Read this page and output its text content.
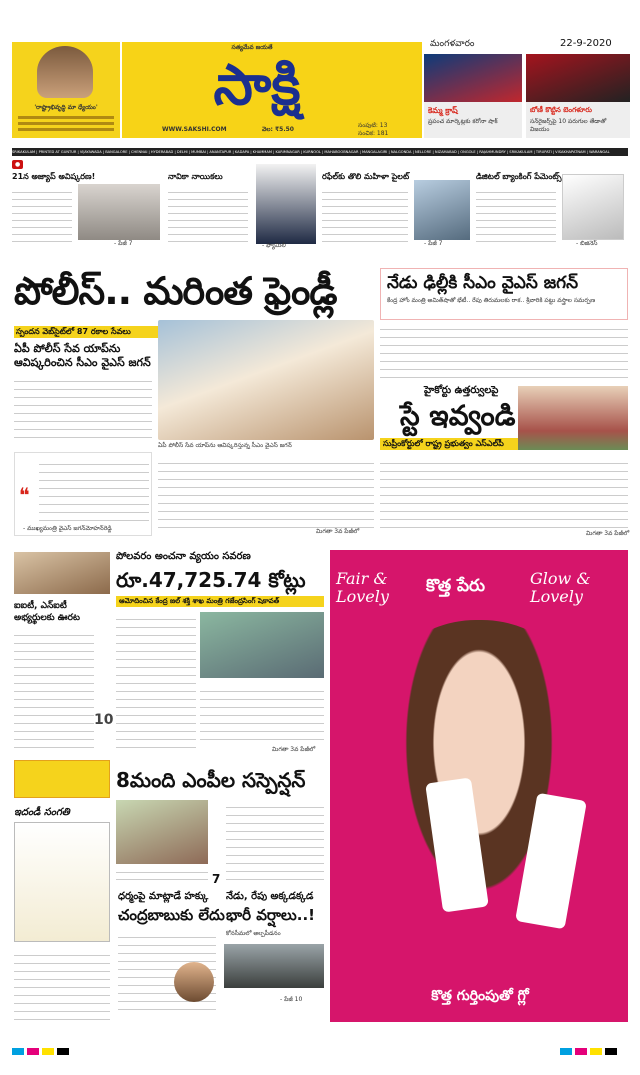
'రాష్ట్రాభివృద్ధి మా ధ్యేయం'
సత్యమేవ జయతే
సాక్షి
WWW.SAKSHI.COM	వెల: ₹5.50
సంపుటి: 13
సంచిక: 181
మంగళవారం	22-9-2020
కెమ్మ క్రాష్
ప్రపంచ మార్కెట్లకు కరోనా షాక్
బోణీ కొట్టిన బెంగళూరు
సన్‌రైజర్స్‌పై 10 పరుగుల తేడాతో విజయం
SRIKAKULAM | PRINTED AT GUNTUR | VIJAYAWADA | BANGALORE | CHENNAI | HYDERABAD | DELHI | MUMBAI | ANANTAPUR | KADAPA | KHAMMAM | KARIMNAGAR | KURNOOL | MAHABOOBNAGAR | MANGALAGIRI | NALGONDA | NELLORE | NIZAMABAD | ONGOLE | RAJAHMUNDRY | SRIKAKULAM | TIRUPATI | VISAKHAPATNAM | WARANGAL
●
21న అజ్యాప్ అవిష్కరణ!
- పేజీ 7
నావికా నాయికలు
- ఫ్యామిలీ
రఫేల్‌కు తొలి మహిళా పైలట్
- పేజీ 7
డిజిటల్ బ్యాంకింగ్ పేమెంట్స్
- బిజినెస్
పోలీస్.. మరింత ఫ్రెండ్లీ
స్పందన వెబ్‌సైట్‌లో 87 రకాల సేవలు
ఏపీ పోలీస్ సేవ యాప్‌ను
ఆవిష్కరించిన సీఎం వైఎస్ జగన్
❝
- ముఖ్యమంత్రి వైఎస్ జగన్‌మోహన్‌రెడ్డి
ఏపీ పోలీస్ సేవ యాప్‌ను ఆవిష్కరిస్తున్న సీఎం వైఎస్ జగన్
మిగతా 3వ పేజీలో
నేడు ఢిల్లీకి సీఎం వైఎస్ జగన్
కేంద్ర హోం మంత్రి అమిత్‌షాతో భేటీ.. రేపు తిరుమలకు రాక.. శ్రీవారికి పట్టు వస్త్రాల సమర్పణ
హైకోర్టు ఉత్తర్వులపై
స్టే ఇవ్వండి
సుప్రీంకోర్టులో రాష్ట్ర ప్రభుత్వం ఎస్‌ఎల్‌పీ
మిగతా 3వ పేజీలో
ఐఐటీ, ఎన్‌ఐటీ అభ్యర్థులకు ఊరట
10
ఇదండీ సంగతి
పోలవరం అంచనా వ్యయం సవరణ
రూ.47,725.74 కోట్లు
ఆమోదించిన కేంద్ర జల్ శక్తి శాఖ మంత్రి గజేంద్రసింగ్ షెకావత్
మిగతా 3వ పేజీలో
8మంది ఎంపీల సస్పెన్షన్
7
ధర్మంపై మాట్లాడే హక్కు
చంద్రబాబుకు లేదు
నేడు, రేపు అక్కడక్కడ
భారీ వర్షాలు..!
కోనసీమలో అల్పపీడనం
- పేజీ 10
Fair & Lovely
కొత్త పేరు	Glow & Lovely
కొత్త గుర్తింపుతో గ్లో
